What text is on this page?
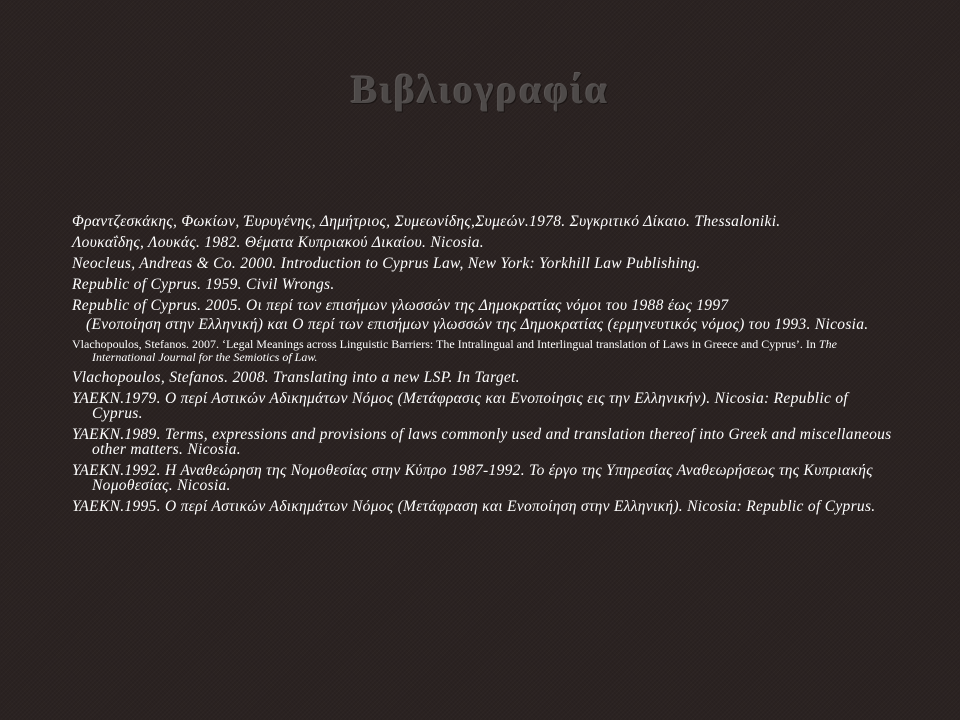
Βιβλιογραφία

Φραντζεσκάκης, Φωκίων, Έυρυγένης, Δημήτριος, Συμεωνίδης,Συμεών.1978. Συγκριτικό Δίκαιο. Thessaloniki.

Λουκαΐδης, Λουκάς. 1982. Θέματα Κυπριακού Δικαίου. Nicosia.

Neocleus, Andreas & Co. 2000. Introduction to Cyprus Law, New York: Yorkhill Law Publishing.

Republic of Cyprus. 1959. Civil Wrongs.

Republic of Cyprus. 2005. Οι περί των επισήμων γλωσσών της Δημοκρατίας νόμοι του 1988 έως 1997

(Ενοποίηση στην Ελληνική) και Ο περί των επισήμων γλωσσών της Δημοκρατίας (ερμηνευτικός νόμος) του 1993. Nicosia.

Vlachopoulos, Stefanos. 2007. ‘Legal Meanings across Linguistic Barriers: The Intralingual and Interlingual translation of Laws in Greece and Cyprus’. In The International Journal for the Semiotics of Law.

Vlachopoulos, Stefanos. 2008. Translating into a new LSP. In Target.

ΥΑΕΚΝ.1979. Ο περί Αστικών Αδικημάτων Νόμος (Μετάφρασις και Ενοποίησις εις την Ελληνικήν). Nicosia: Republic of Cyprus.

ΥΑΕΚΝ.1989. Terms, expressions and provisions of laws commonly used and translation thereof into Greek and miscellaneous other matters. Nicosia.

ΥΑΕΚΝ.1992. Η Αναθεώρηση της Νομοθεσίας στην Κύπρο 1987-1992. Το έργο της Υπηρεσίας Αναθεωρήσεως της Κυπριακής Νομοθεσίας. Nicosia.

ΥΑΕΚΝ.1995. Ο περί Αστικών Αδικημάτων Νόμος (Μετάφραση και Ενοποίηση στην Ελληνική). Nicosia: Republic of Cyprus.
